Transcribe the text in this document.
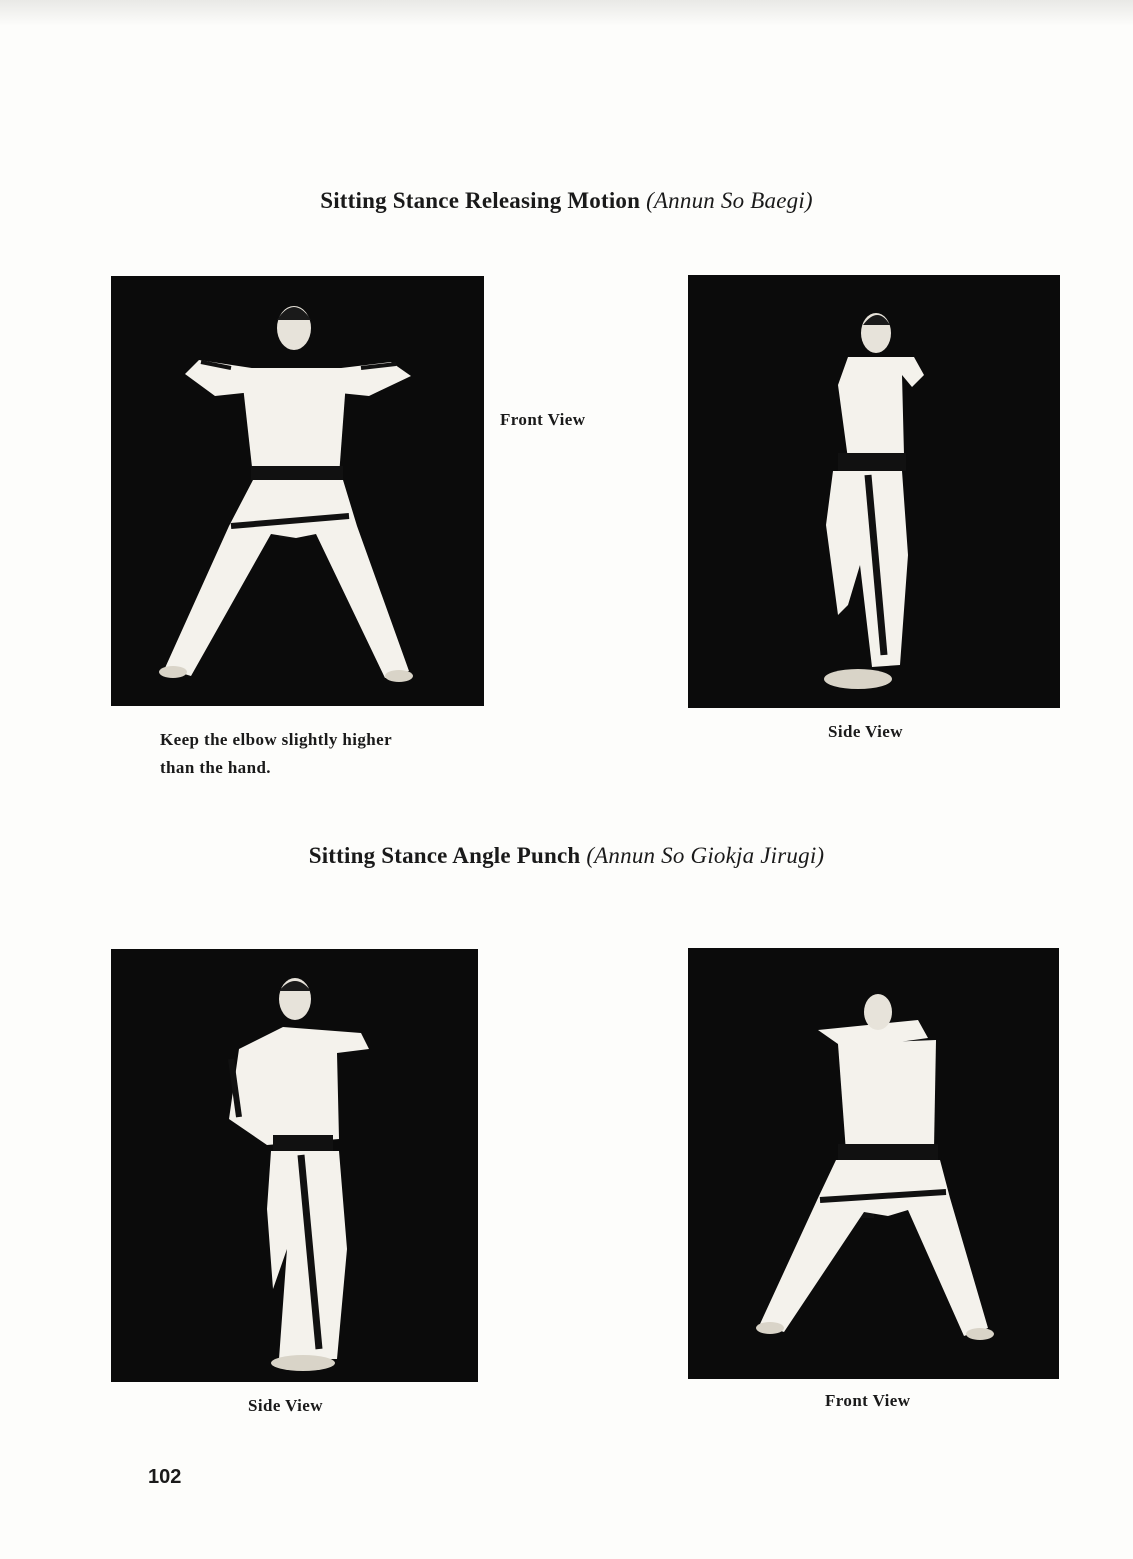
Sitting Stance Releasing Motion (Annun So Baegi)
Front View
Keep the elbow slightly higher
than the hand.
Side View
Sitting Stance Angle Punch (Annun So Giokja Jirugi)
Side View	Front View
102
